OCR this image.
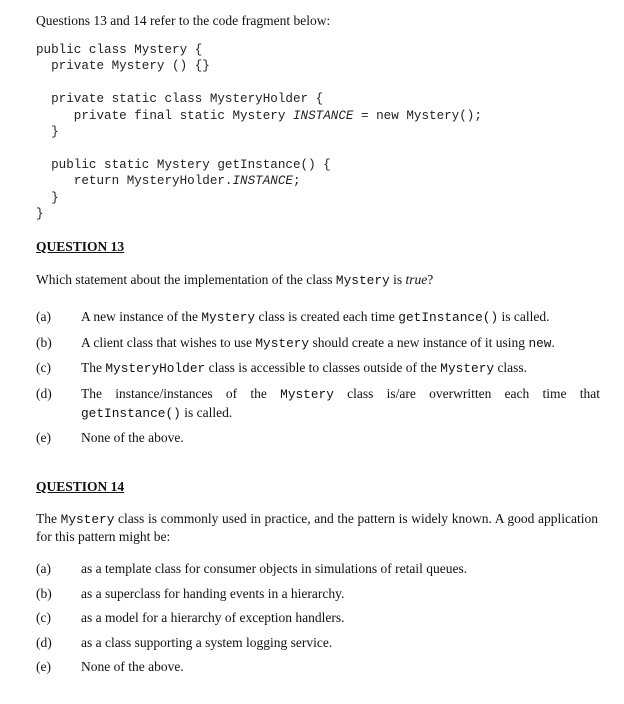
Questions 13 and 14 refer to the code fragment below:

public class Mystery {
private Mystery () {}

private static class MysteryHolder {
private final static Mystery INSTANCE = new Mystery();
}

public static Mystery getInstance() {
return MysteryHolder.INSTANCE;
}
}

QUESTION 13

Which statement about the implementation of the class Mystery is true?

(a) A new instance of the Mystery class is created each time getInstance() is called.
(b) A client class that wishes to use Mystery should create a new instance of it using new.
(c) The MysteryHolder class is accessible to classes outside of the Mystery class.
(d) The instance/instances of the Mystery class is/are overwritten each time that
getInstance() is called.
(e) None of the above.

QUESTION 14

The Mystery class is commonly used in practice, and the pattern is widely known. A good application for this pattern might be:

(a) as a template class for consumer objects in simulations of retail queues.
(b) as a superclass for handing events in a hierarchy.
(c) as a model for a hierarchy of exception handlers.
(d) as a class supporting a system logging service.
(e) None of the above.
